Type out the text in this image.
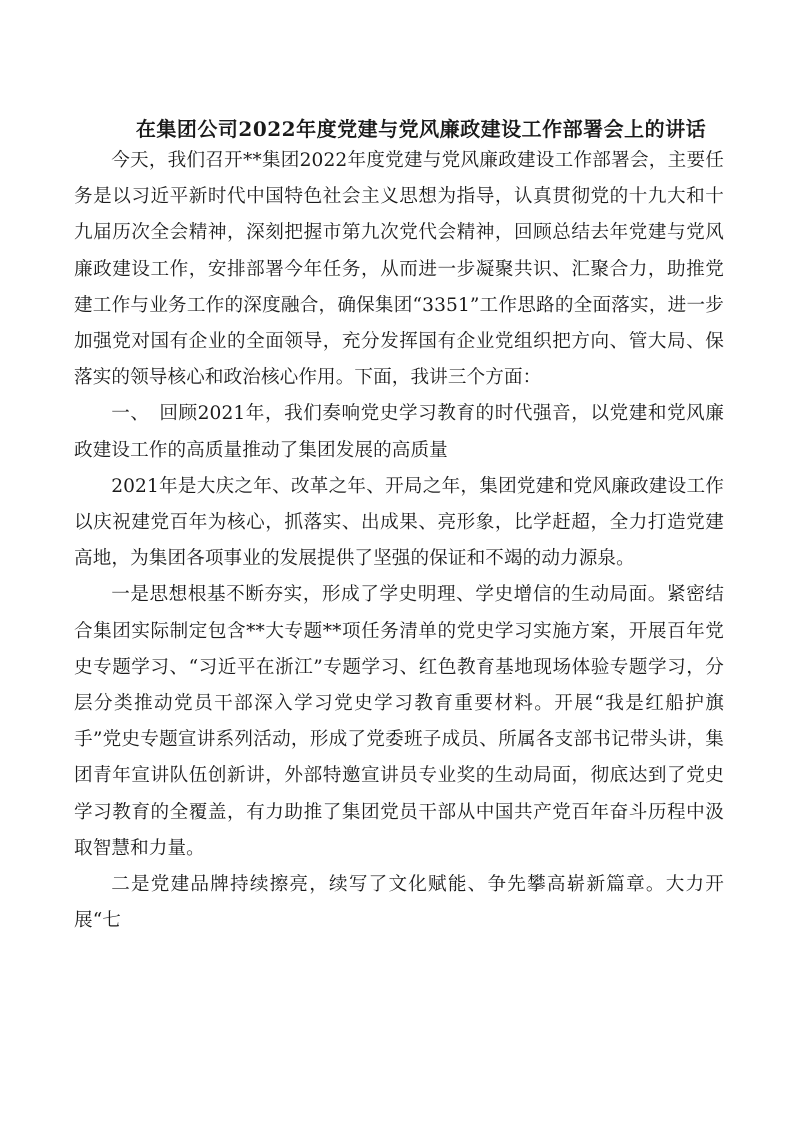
在集团公司2022年度党建与党风廉政建设工作部署会上的讲话

今天，我们召开**集团2022年度党建与党风廉政建设工作部署会，主要任务是以习近平新时代中国特色社会主义思想为指导，认真贯彻党的十九大和十九届历次全会精神，深刻把握市第九次党代会精神，回顾总结去年党建与党风廉政建设工作，安排部署今年任务，从而进一步凝聚共识、汇聚合力，助推党建工作与业务工作的深度融合，确保集团“3351”工作思路的全面落实，进一步加强党对国有企业的全面领导，充分发挥国有企业党组织把方向、管大局、保落实的领导核心和政治核心作用。下面，我讲三个方面：

一、　回顾2021年，我们奏响党史学习教育的时代强音，以党建和党风廉政建设工作的高质量推动了集团发展的高质量

2021年是大庆之年、改革之年、开局之年，集团党建和党风廉政建设工作以庆祝建党百年为核心，抓落实、出成果、亮形象，比学赶超，全力打造党建高地，为集团各项事业的发展提供了坚强的保证和不竭的动力源泉。

一是思想根基不断夯实，形成了学史明理、学史增信的生动局面。紧密结合集团实际制定包含**大专题**项任务清单的党史学习实施方案，开展百年党史专题学习、“习近平在浙江”专题学习、红色教育基地现场体验专题学习，分层分类推动党员干部深入学习党史学习教育重要材料。开展“我是红船护旗手”党史专题宣讲系列活动，形成了党委班子成员、所属各支部书记带头讲，集团青年宣讲队伍创新讲，外部特邀宣讲员专业奖的生动局面，彻底达到了党史学习教育的全覆盖，有力助推了集团党员干部从中国共产党百年奋斗历程中汲取智慧和力量。

二是党建品牌持续擦亮，续写了文化赋能、争先攀高崭新篇章。大力开展“七
